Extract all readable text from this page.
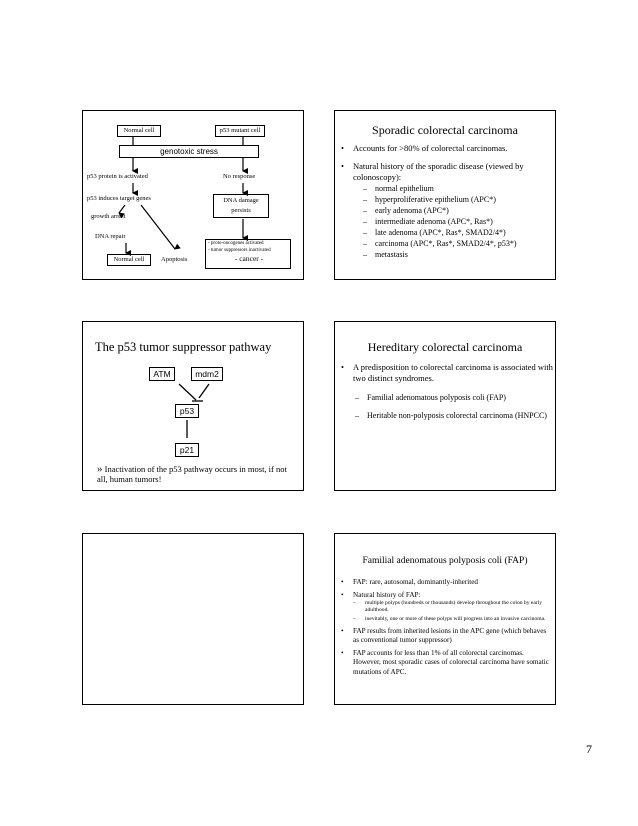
Normal cell	p53 mutant cell
genotoxic stress
p53 protein is activated	No response
p53 induces target genes	DNA damage persists
growth arrest
DNA repair
Normal cell	Apoptosis
- proto-oncogenes activated
- tumor suppressors inactivated
- cancer -
Sporadic colorectal carcinoma
• Accounts for >80% of colorectal carcinomas.
• Natural history of the sporadic disease (viewed by colonoscopy):
– normal epithelium
– hyperproliferative epithelium (APC*)
– early adenoma (APC*)
– intermediate adenoma (APC*, Ras*)
– late adenoma (APC*, Ras*, SMAD2/4*)
– carcinoma (APC*, Ras*, SMAD2/4*, p53*)
– metastasis
The p53 tumor suppressor pathway
ATM	mdm2
p53
p21
» Inactivation of the p53 pathway occurs in most, if not all, human tumors!
Hereditary colorectal carcinoma
• A predisposition to colorectal carcinoma is associated with two distinct syndromes.
– Familial adenomatous polyposis coli (FAP)
– Heritable non-polyposis colorectal carcinoma (HNPCC)
Familial adenomatous polyposis coli (FAP)
• FAP: rare, autosomal, dominantly-inherited
• Natural history of FAP:
– multiple polyps (hundreds or thousands) develop throughout the colon by early adulthood.
– inevitably, one or more of these polyps will progress into an invasive carcinoma.
• FAP results from inherited lesions in the APC gene (which behaves as conventional tumor suppressor)
• FAP accounts for less than 1% of all colorectal carcinomas. However, most sporadic cases of colorectal carcinoma have somatic mutations of APC.
7
